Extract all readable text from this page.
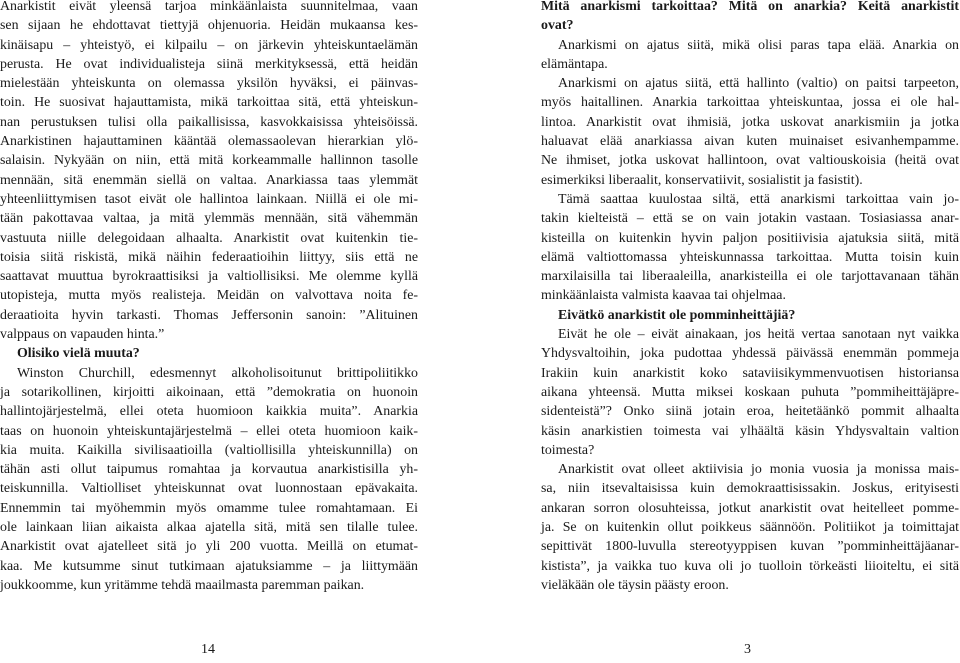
Anarkistit eivät yleensä tarjoa minkäänlaista suunnitelmaa, vaan
sen sijaan he ehdottavat tiettyjä ohjenuoria. Heidän mukaansa kes-
kinäisapu – yhteistyö, ei kilpailu – on järkevin yhteiskuntaelämän
perusta. He ovat individualisteja siinä merkityksessä, että heidän
mielestään yhteiskunta on olemassa yksilön hyväksi, ei päinvas-
toin. He suosivat hajauttamista, mikä tarkoittaa sitä, että yhteiskun-
nan perustuksen tulisi olla paikallisissa, kasvokkaisissa yhteisöissä.
Anarkistinen hajauttaminen kääntää olemassaolevan hierarkian ylö-
salaisin. Nykyään on niin, että mitä korkeammalle hallinnon tasolle
mennään, sitä enemmän siellä on valtaa. Anarkiassa taas ylemmät
yhteenliittymisen tasot eivät ole hallintoa lainkaan. Niillä ei ole mi-
tään pakottavaa valtaa, ja mitä ylemmäs mennään, sitä vähemmän
vastuuta niille delegoidaan alhaalta. Anarkistit ovat kuitenkin tie-
toisia siitä riskistä, mikä näihin federaatioihin liittyy, siis että ne
saattavat muuttua byrokraattisiksi ja valtiollisiksi. Me olemme kyllä
utopisteja, mutta myös realisteja. Meidän on valvottava noita fe-
deraatioita hyvin tarkasti. Thomas Jeffersonin sanoin: ”Alituinen
valppaus on vapauden hinta.”
Olisiko vielä muuta?
Winston Churchill, edesmennyt alkoholisoitunut brittipoliitikko
ja sotarikollinen, kirjoitti aikoinaan, että ”demokratia on huonoin
hallintojärjestelmä, ellei oteta huomioon kaikkia muita”. Anarkia
taas on huonoin yhteiskuntajärjestelmä – ellei oteta huomioon kaik-
kia muita. Kaikilla sivilisaatioilla (valtiollisilla yhteiskunnilla) on
tähän asti ollut taipumus romahtaa ja korvautua anarkistisilla yh-
teiskunnilla. Valtiolliset yhteiskunnat ovat luonnostaan epävakaita.
Ennemmin tai myöhemmin myös omamme tulee romahtamaan. Ei
ole lainkaan liian aikaista alkaa ajatella sitä, mitä sen tilalle tulee.
Anarkistit ovat ajatelleet sitä jo yli 200 vuotta. Meillä on etumat-
kaa. Me kutsumme sinut tutkimaan ajatuksiamme – ja liittymään
joukkoomme, kun yritämme tehdä maailmasta paremman paikan.
14
Mitä anarkismi tarkoittaa? Mitä on anarkia? Keitä anarkistit
ovat?
Anarkismi on ajatus siitä, mikä olisi paras tapa elää. Anarkia on
elämäntapa.
Anarkismi on ajatus siitä, että hallinto (valtio) on paitsi tarpeeton,
myös haitallinen. Anarkia tarkoittaa yhteiskuntaa, jossa ei ole hal-
lintoa. Anarkistit ovat ihmisiä, jotka uskovat anarkismiin ja jotka
haluavat elää anarkiassa aivan kuten muinaiset esivanhempamme.
Ne ihmiset, jotka uskovat hallintoon, ovat valtiouskoisia (heitä ovat
esimerkiksi liberaalit, konservatiivit, sosialistit ja fasistit).
Tämä saattaa kuulostaa siltä, että anarkismi tarkoittaa vain jo-
takin kielteistä – että se on vain jotakin vastaan. Tosiasiassa anar-
kisteilla on kuitenkin hyvin paljon positiivisia ajatuksia siitä, mitä
elämä valtiottomassa yhteiskunnassa tarkoittaa. Mutta toisin kuin
marxilaisilla tai liberaaleilla, anarkisteilla ei ole tarjottavanaan tähän
minkäänlaista valmista kaavaa tai ohjelmaa.
Eivätkö anarkistit ole pomminheittäjiä?
Eivät he ole – eivät ainakaan, jos heitä vertaa sanotaan nyt vaikka
Yhdysvaltoihin, joka pudottaa yhdessä päivässä enemmän pommeja
Irakiin kuin anarkistit koko sataviisikymmenvuotisen historiansa
aikana yhteensä. Mutta miksei koskaan puhuta ”pommiheittäjäpre-
sidenteistä”? Onko siinä jotain eroa, heitetäänkö pommit alhaalta
käsin anarkistien toimesta vai ylhäältä käsin Yhdysvaltain valtion
toimesta?
Anarkistit ovat olleet aktiivisia jo monia vuosia ja monissa mais-
sa, niin itsevaltaisissa kuin demokraattisissakin. Joskus, erityisesti
ankaran sorron olosuhteissa, jotkut anarkistit ovat heitelleet pomme-
ja. Se on kuitenkin ollut poikkeus säännöön. Politiikot ja toimittajat
sepittivät 1800-luvulla stereotyyppisen kuvan ”pomminheittäjäanar-
kistista”, ja vaikka tuo kuva oli jo tuolloin törkeästi liioiteltu, ei sitä
vieläkään ole täysin päästy eroon.
3
